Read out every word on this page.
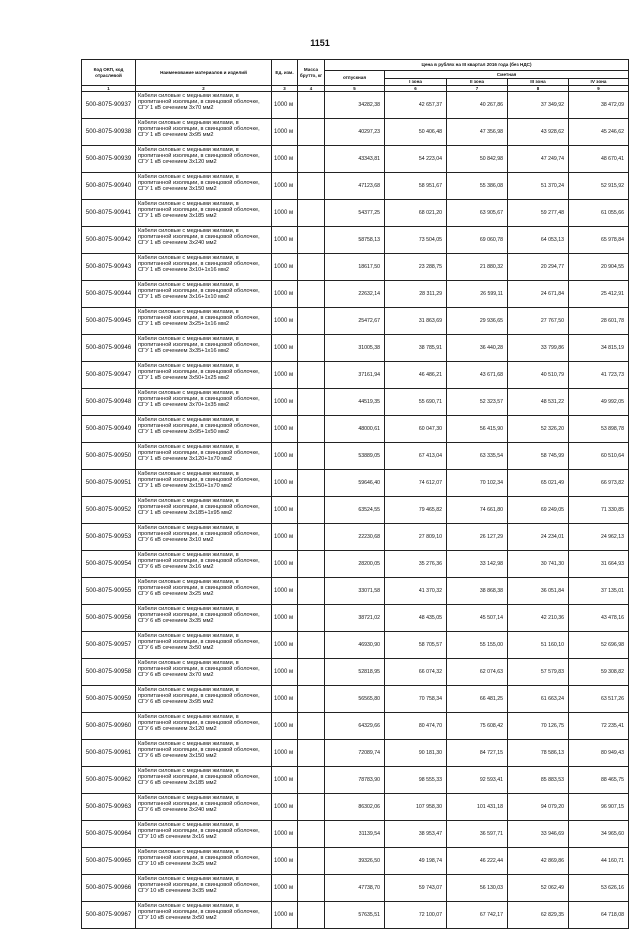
1151
Код ОКП, код отраслевой	Наименование материалов и изделий	Ед. изм.	Масса брутто, кг	Цена в рублях на III квартал 2016 года (без НДС)				
				отпускная	Сметная			
					I зона	II зона	III зона	IV зона
1	2	3	4	5	6	7	8	9
500-8075-90937	Кабели силовые с медными жилами, в пропитанной изоляции, в свинцовой оболочке, СГУ 1 кВ сечением 3х70 мм2	1000 м		34282,38	42 657,37	40 267,86	37 349,92	38 472,09
500-8075-90938	Кабели силовые с медными жилами, в пропитанной изоляции, в свинцовой оболочке, СГУ 1 кВ сечением 3х95 мм2	1000 м		40297,23	50 406,48	47 356,98	43 928,62	45 246,62
500-8075-90939	Кабели силовые с медными жилами, в пропитанной изоляции, в свинцовой оболочке, СГУ 1 кВ сечением 3х120 мм2	1000 м		43343,81	54 223,04	50 842,98	47 249,74	48 670,41
500-8075-90940	Кабели силовые с медными жилами, в пропитанной изоляции, в свинцовой оболочке, СГУ 1 кВ сечением 3х150 мм2	1000 м		47123,68	58 951,67	55 386,08	51 370,24	52 915,92
500-8075-90941	Кабели силовые с медными жилами, в пропитанной изоляции, в свинцовой оболочке, СГУ 1 кВ сечением 3х185 мм2	1000 м		54377,25	68 021,20	63 905,67	59 277,48	61 055,66
500-8075-90942	Кабели силовые с медными жилами, в пропитанной изоляции, в свинцовой оболочке, СГУ 1 кВ сечением 3х240 мм2	1000 м		58758,13	73 504,05	69 060,78	64 053,13	65 978,84
500-8075-90943	Кабели силовые с медными жилами, в пропитанной изоляции, в свинцовой оболочке, СГУ 1 кВ сечением 3х10+1х16 мм2	1000 м		18617,50	23 288,75	21 880,32	20 294,77	20 904,55
500-8075-90944	Кабели силовые с медными жилами, в пропитанной изоляции, в свинцовой оболочке, СГУ 1 кВ сечением 3х16+1х10 мм2	1000 м		22632,14	28 311,29	26 599,11	24 671,84	25 412,91
500-8075-90945	Кабели силовые с медными жилами, в пропитанной изоляции, в свинцовой оболочке, СГУ 1 кВ сечением 3х25+1х16 мм2	1000 м		25472,67	31 863,69	29 936,65	27 767,50	28 601,78
500-8075-90946	Кабели силовые с медными жилами, в пропитанной изоляции, в свинцовой оболочке, СГУ 1 кВ сечением 3х35+1х16 мм2	1000 м		31005,38	38 785,91	36 440,28	33 799,86	34 815,19
500-8075-90947	Кабели силовые с медными жилами, в пропитанной изоляции, в свинцовой оболочке, СГУ 1 кВ сечением 3х50+1х25 мм2	1000 м		37161,94	46 486,21	43 671,68	40 510,79	41 723,73
500-8075-90948	Кабели силовые с медными жилами, в пропитанной изоляции, в свинцовой оболочке, СГУ 1 кВ сечением 3х70+1х35 мм2	1000 м		44519,35	55 690,71	52 323,57	48 531,22	49 992,05
500-8075-90949	Кабели силовые с медными жилами, в пропитанной изоляции, в свинцовой оболочке, СГУ 1 кВ сечением 3х95+1х50 мм2	1000 м		48000,61	60 047,30	56 415,90	52 326,20	53 898,78
500-8075-90950	Кабели силовые с медными жилами, в пропитанной изоляции, в свинцовой оболочке, СГУ 1 кВ сечением 3х120+1х70 мм2	1000 м		53889,05	67 413,04	63 335,54	58 745,99	60 510,64
500-8075-90951	Кабели силовые с медными жилами, в пропитанной изоляции, в свинцовой оболочке, СГУ 1 кВ сечением 3х150+1х70 мм2	1000 м		59646,40	74 612,07	70 102,34	65 021,49	66 973,82
500-8075-90952	Кабели силовые с медными жилами, в пропитанной изоляции, в свинцовой оболочке, СГУ 1 кВ сечением 3х185+1х95 мм2	1000 м		63524,55	79 465,82	74 661,80	69 249,05	71 330,85
500-8075-90953	Кабели силовые с медными жилами, в пропитанной изоляции, в свинцовой оболочке, СГУ 6 кВ сечением 3х10 мм2	1000 м		22230,68	27 809,10	26 127,29	24 234,01	24 962,13
500-8075-90954	Кабели силовые с медными жилами, в пропитанной изоляции, в свинцовой оболочке, СГУ 6 кВ сечением 3х16 мм2	1000 м		28200,05	35 276,36	33 142,98	30 741,30	31 664,93
500-8075-90955	Кабели силовые с медными жилами, в пропитанной изоляции, в свинцовой оболочке, СГУ 6 кВ сечением 3х25 мм2	1000 м		33071,58	41 370,32	38 868,38	36 051,84	37 135,01
500-8075-90956	Кабели силовые с медными жилами, в пропитанной изоляции, в свинцовой оболочке, СГУ 6 кВ сечением 3х35 мм2	1000 м		38721,02	48 435,05	45 507,14	42 210,36	43 478,16
500-8075-90957	Кабели силовые с медными жилами, в пропитанной изоляции, в свинцовой оболочке, СГУ 6 кВ сечением 3х50 мм2	1000 м		46930,90	58 705,57	55 155,00	51 160,10	52 696,98
500-8075-90958	Кабели силовые с медными жилами, в пропитанной изоляции, в свинцовой оболочке, СГУ 6 кВ сечением 3х70 мм2	1000 м		52818,95	66 074,32	62 074,63	57 579,83	59 308,82
500-8075-90959	Кабели силовые с медными жилами, в пропитанной изоляции, в свинцовой оболочке, СГУ 6 кВ сечением 3х95 мм2	1000 м		56565,80	70 758,34	66 481,25	61 663,24	63 517,26
500-8075-90960	Кабели силовые с медными жилами, в пропитанной изоляции, в свинцовой оболочке, СГУ 6 кВ сечением 3х120 мм2	1000 м		64329,66	80 474,70	75 608,42	70 126,75	72 235,41
500-8075-90961	Кабели силовые с медными жилами, в пропитанной изоляции, в свинцовой оболочке, СГУ 6 кВ сечением 3х150 мм2	1000 м		72089,74	90 181,30	84 727,15	78 586,13	80 949,43
500-8075-90962	Кабели силовые с медными жилами, в пропитанной изоляции, в свинцовой оболочке, СГУ 6 кВ сечением 3х185 мм2	1000 м		78783,90	98 555,33	92 593,41	85 883,53	88 465,75
500-8075-90963	Кабели силовые с медными жилами, в пропитанной изоляции, в свинцовой оболочке, СГУ 6 кВ сечением 3х240 мм2	1000 м		86302,06	107 958,30	101 431,18	94 079,20	96 907,15
500-8075-90964	Кабели силовые с медными жилами, в пропитанной изоляции, в свинцовой оболочке, СГУ 10 кВ сечением 3х16 мм2	1000 м		31139,54	38 953,47	36 597,71	33 946,69	34 965,60
500-8075-90965	Кабели силовые с медными жилами, в пропитанной изоляции, в свинцовой оболочке, СГУ 10 кВ сечением 3х25 мм2	1000 м		39326,50	49 198,74	46 222,44	42 869,86	44 160,71
500-8075-90966	Кабели силовые с медными жилами, в пропитанной изоляции, в свинцовой оболочке, СГУ 10 кВ сечением 3х35 мм2	1000 м		47738,70	59 743,07	56 130,03	52 062,49	53 626,16
500-8075-90967	Кабели силовые с медными жилами, в пропитанной изоляции, в свинцовой оболочке, СГУ 10 кВ сечением 3х50 мм2	1000 м		57635,51	72 100,07	67 742,17	62 829,35	64 718,08
